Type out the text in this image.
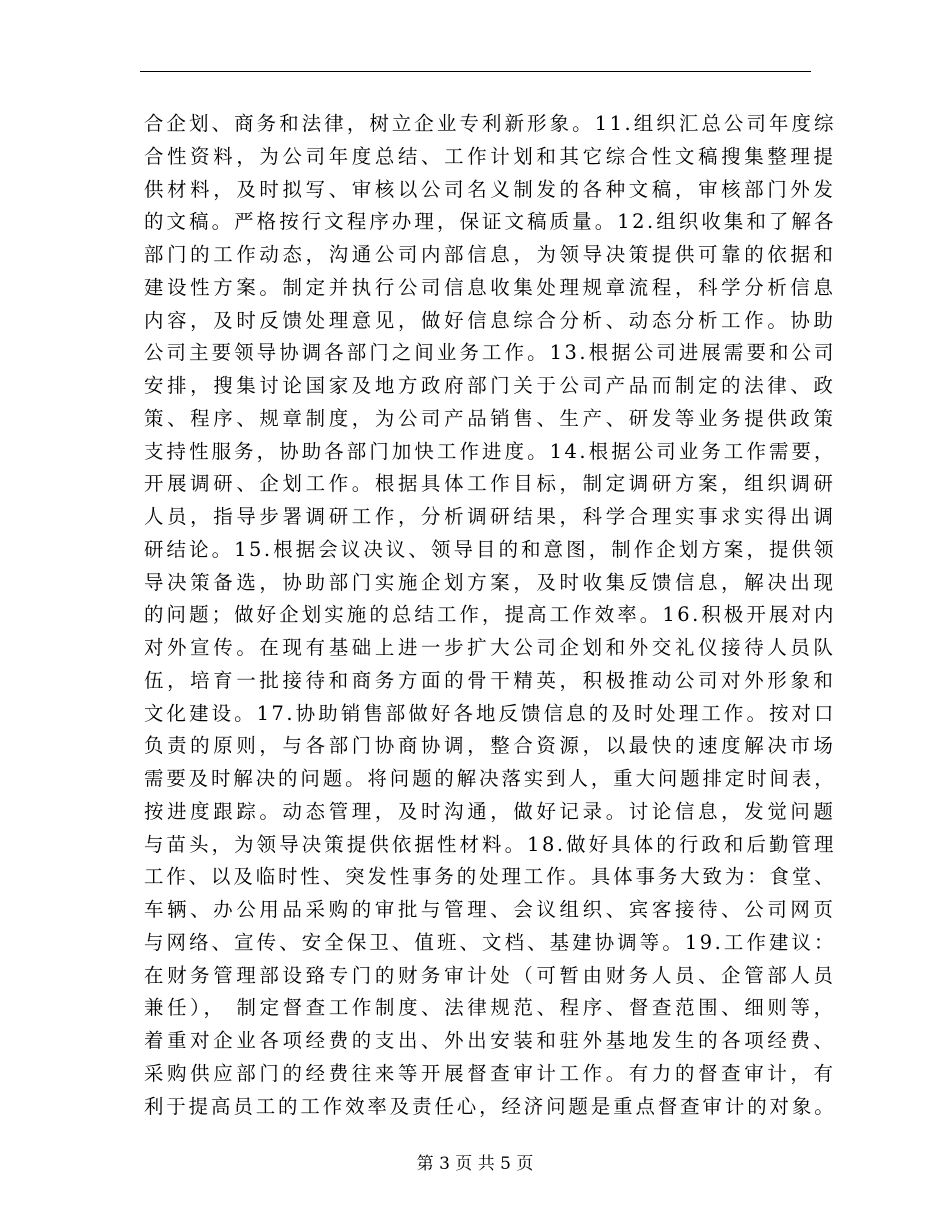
合企划、商务和法律，树立企业专利新形象。11.组织汇总公司年度综
合性资料，为公司年度总结、工作计划和其它综合性文稿搜集整理提
供材料，及时拟写、审核以公司名义制发的各种文稿，审核部门外发
的文稿。严格按行文程序办理，保证文稿质量。12.组织收集和了解各
部门的工作动态，沟通公司内部信息，为领导决策提供可靠的依据和
建设性方案。制定并执行公司信息收集处理规章流程，科学分析信息
内容，及时反馈处理意见，做好信息综合分析、动态分析工作。协助
公司主要领导协调各部门之间业务工作。13.根据公司进展需要和公司
安排，搜集讨论国家及地方政府部门关于公司产品而制定的法律、政
策、程序、规章制度，为公司产品销售、生产、研发等业务提供政策
支持性服务，协助各部门加快工作进度。14.根据公司业务工作需要，
开展调研、企划工作。根据具体工作目标，制定调研方案，组织调研
人员，指导步署调研工作，分析调研结果，科学合理实事求实得出调
研结论。15.根据会议决议、领导目的和意图，制作企划方案，提供领
导决策备选，协助部门实施企划方案，及时收集反馈信息，解决出现
的问题；做好企划实施的总结工作，提高工作效率。16.积极开展对内
对外宣传。在现有基础上进一步扩大公司企划和外交礼仪接待人员队
伍，培育一批接待和商务方面的骨干精英，积极推动公司对外形象和
文化建设。17.协助销售部做好各地反馈信息的及时处理工作。按对口
负责的原则，与各部门协商协调，整合资源，以最快的速度解决市场
需要及时解决的问题。将问题的解决落实到人，重大问题排定时间表，
按进度跟踪。动态管理，及时沟通，做好记录。讨论信息，发觉问题
与苗头，为领导决策提供依据性材料。18.做好具体的行政和后勤管理
工作、以及临时性、突发性事务的处理工作。具体事务大致为：食堂、
车辆、办公用品采购的审批与管理、会议组织、宾客接待、公司网页
与网络、宣传、安全保卫、值班、文档、基建协调等。19.工作建议：
在财务管理部设臵专门的财务审计处（可暂由财务人员、企管部人员
兼任）， 制定督查工作制度、法律规范、程序、督查范围、细则等，
着重对企业各项经费的支出、外出安装和驻外基地发生的各项经费、
采购供应部门的经费往来等开展督查审计工作。有力的督查审计，有
利于提高员工的工作效率及责任心，经济问题是重点督查审计的对象。
第 3 页 共 5 页
